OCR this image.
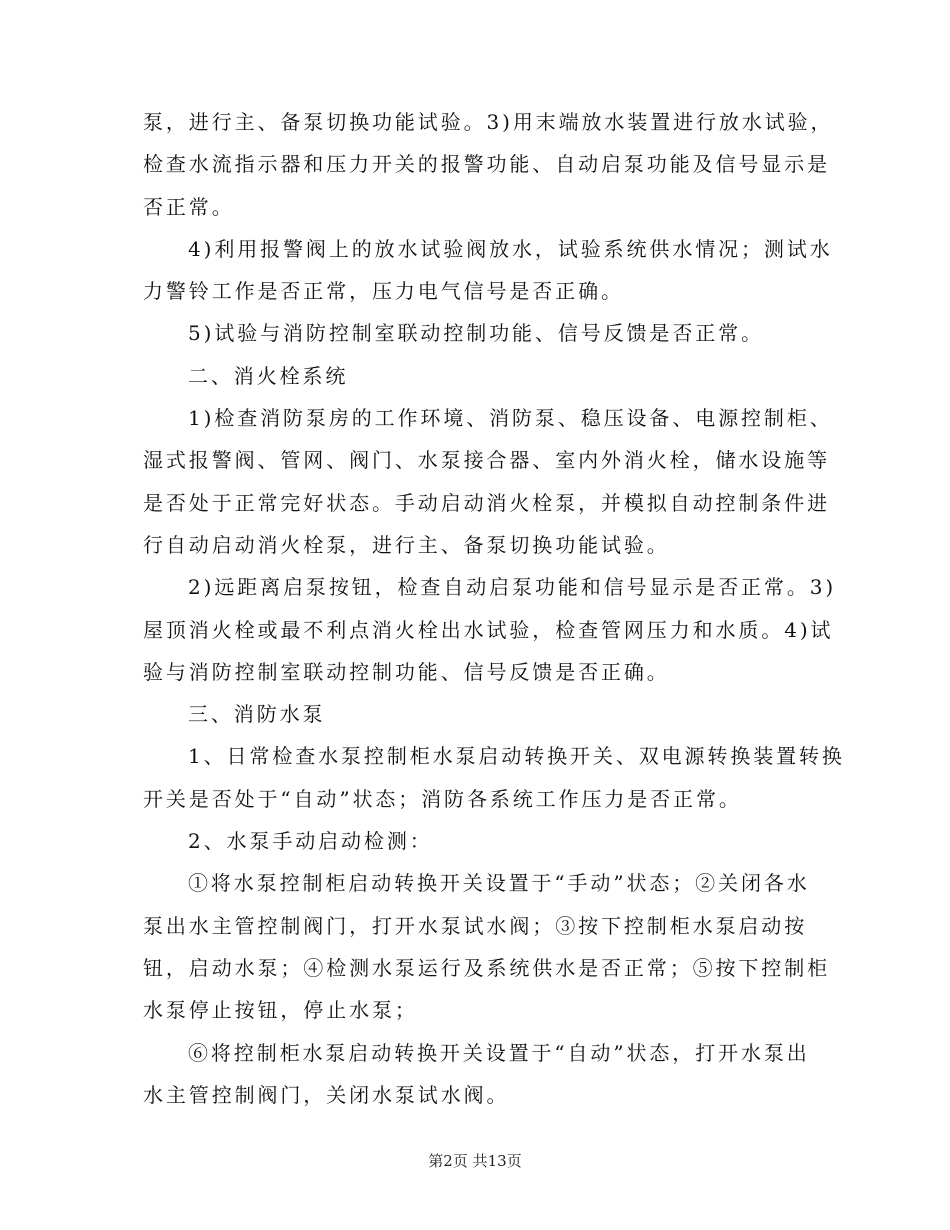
泵，进行主、备泵切换功能试验。3)用末端放水装置进行放水试验，
检查水流指示器和压力开关的报警功能、自动启泵功能及信号显示是
否正常。
4)利用报警阀上的放水试验阀放水，试验系统供水情况；测试水
力警铃工作是否正常，压力电气信号是否正确。
5)试验与消防控制室联动控制功能、信号反馈是否正常。
二、消火栓系统
1)检查消防泵房的工作环境、消防泵、稳压设备、电源控制柜、
湿式报警阀、管网、阀门、水泵接合器、室内外消火栓，储水设施等
是否处于正常完好状态。手动启动消火栓泵，并模拟自动控制条件进
行自动启动消火栓泵，进行主、备泵切换功能试验。
2)远距离启泵按钮，检查自动启泵功能和信号显示是否正常。3)
屋顶消火栓或最不利点消火栓出水试验，检查管网压力和水质。4)试
验与消防控制室联动控制功能、信号反馈是否正确。
三、消防水泵
1、日常检查水泵控制柜水泵启动转换开关、双电源转换装置转换
开关是否处于“自动”状态；消防各系统工作压力是否正常。
2、水泵手动启动检测：
①将水泵控制柜启动转换开关设置于“手动”状态；②关闭各水
泵出水主管控制阀门，打开水泵试水阀；③按下控制柜水泵启动按
钮，启动水泵；④检测水泵运行及系统供水是否正常；⑤按下控制柜
水泵停止按钮，停止水泵；
⑥将控制柜水泵启动转换开关设置于“自动”状态，打开水泵出
水主管控制阀门，关闭水泵试水阀。
第2页 共13页
